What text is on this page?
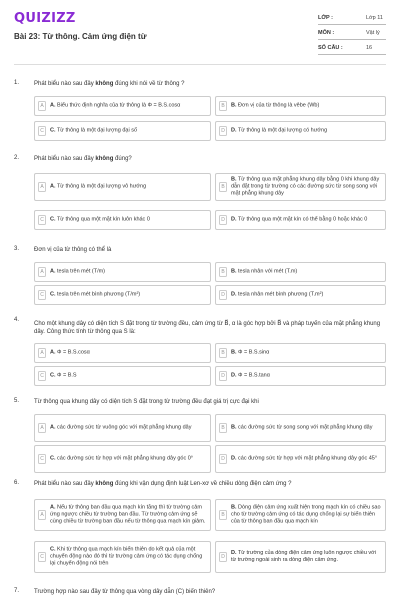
QUIZIZZ
Bài 23: Từ thông. Cảm ứng điện từ
LỚP :	Lớp 11
MÔN :	Vật lý
SỐ CÂU :	16
1. Phát biểu nào sau đây không đúng khi nói về từ thông ?
A	A. Biểu thức định nghĩa của từ thông là Φ = B.S.cosα	B	B. Đơn vị của từ thông là vêbe (Wb)
C	C. Từ thông là một đại lượng đại số	D	D. Từ thông là một đại lượng có hướng
2. Phát biểu nào sau đây không đúng?
A	A. Từ thông là một đại lượng vô hướng	B
B. Từ thông qua mặt phẳng khung dây bằng 0 khi khung dây dẫn đặt trong từ trường có các đường sức từ song song với mặt phẳng khung dây
C	C. Từ thông qua một mặt kín luôn khác 0	D	D. Từ thông qua một mặt kín có thể bằng 0 hoặc khác 0
3. Đơn vị của từ thông có thể là
A	A. tesla trên mét (T/m)	B	B. tesla nhân với mét (T.m)
C	C. tesla trên mét bình phương (T/m²)	D	D. tesla nhân mét bình phương (T.m²)
4.
Cho một khung dây có diện tích S đặt trong từ trường đều, cảm ứng từ B⃗, α là góc hợp bởi B⃗ và pháp tuyến của mặt phẳng khung dây. Công thức tính từ thông qua S là:
A	A. Φ = B.S.cosα	B	B. Φ = B.S.sinα
C	C. Φ = B.S	D	D. Φ = B.S.tanα
5. Từ thông qua khung dây có diện tích S đặt trong từ trường đều đạt giá trị cực đại khi
A	A. các đường sức từ vuông góc với mặt phẳng khung dây	B	B. các đường sức từ song song với mặt phẳng khung dây
C	C. các đường sức từ hợp với mặt phẳng khung dây góc 0°	D	D. các đường sức từ hợp với mặt phẳng khung dây góc 45°
6. Phát biểu nào sau đây không đúng khi vận dụng định luật Len-xơ về chiều dòng điện cảm ứng ?
A
A. Nếu từ thông ban đầu qua mạch kín tăng thì từ trường cảm ứng ngược chiều từ trường ban đầu. Từ trường cảm ứng sẽ cùng chiều từ trường ban đầu nếu từ thông qua mạch kín giảm.
B
B. Dòng điện cảm ứng xuất hiện trong mạch kín có chiều sao cho từ trường cảm ứng có tác dụng chống lại sự biến thiên của từ thông ban đầu qua mạch kín
C
C. Khi từ thông qua mạch kín biến thiên do kết quả của một chuyển động nào đó thì từ trường cảm ứng có tác dụng chống lại chuyển động nói trên
D
D. Từ trường của dòng điện cảm ứng luôn ngược chiều với từ trường ngoài sinh ra dòng điện cảm ứng.
7. Trường hợp nào sau đây từ thông qua vòng dây dẫn (C) biến thiên?
